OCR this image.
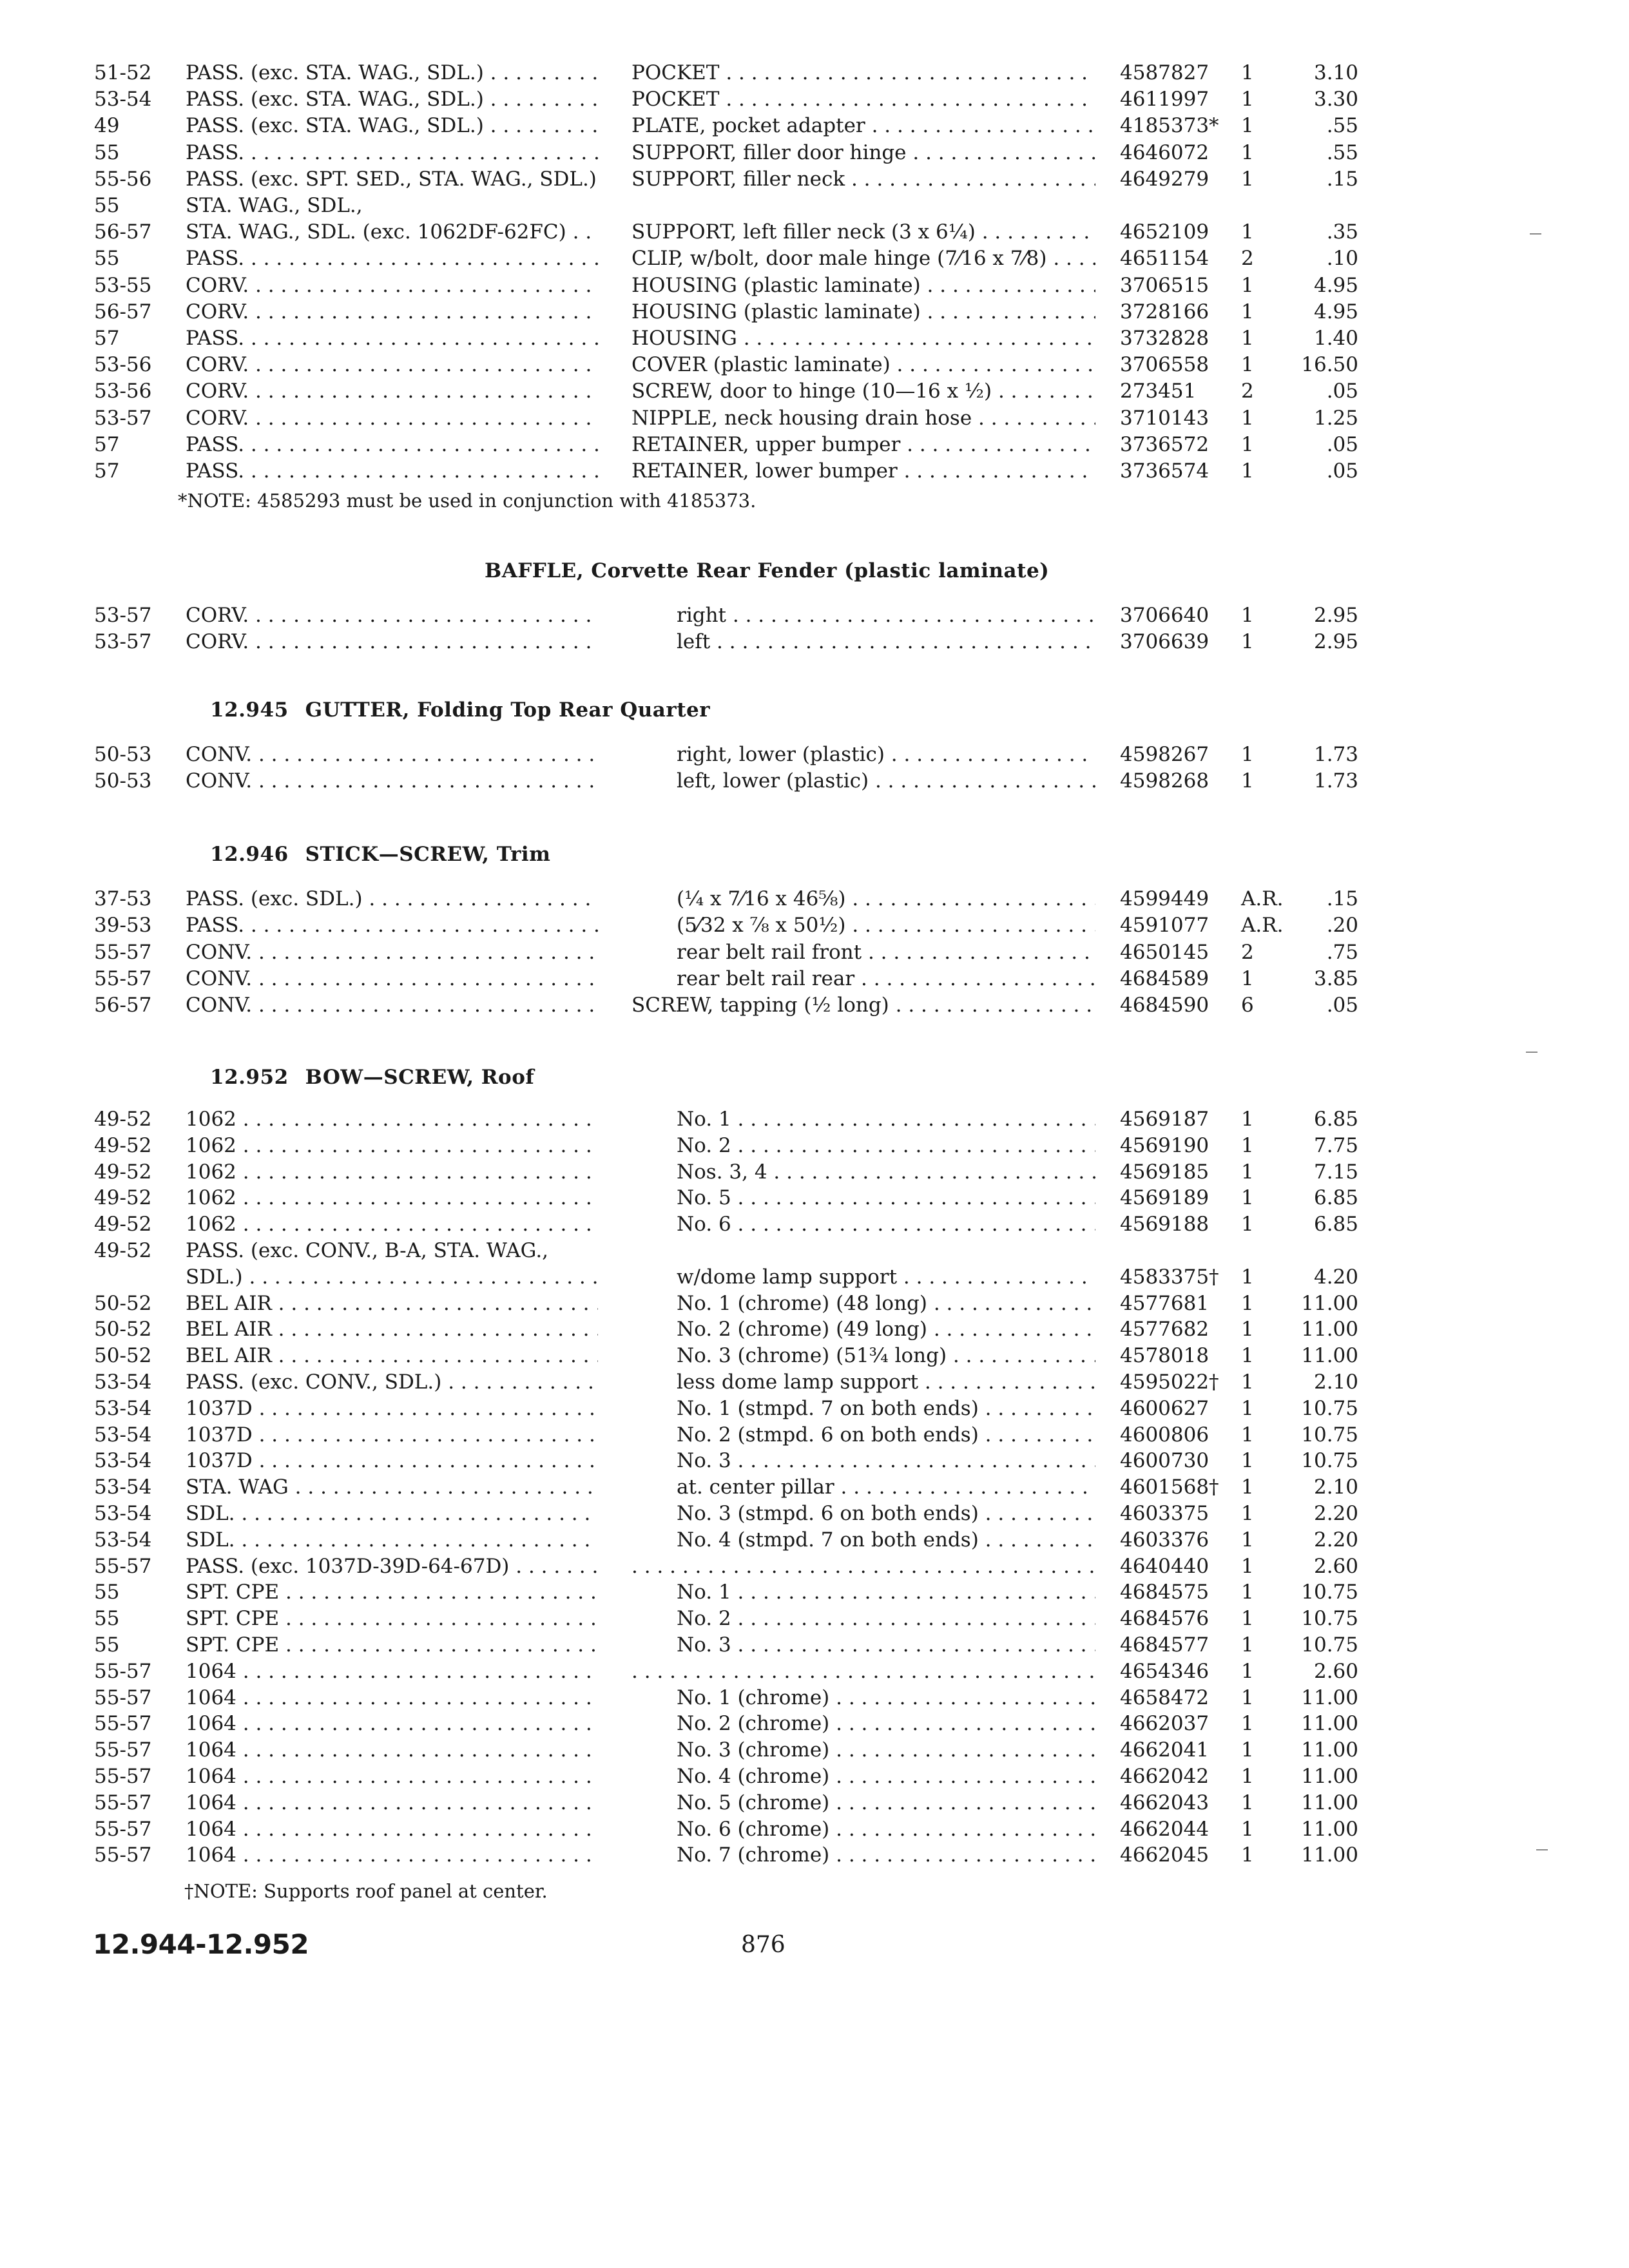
51-52 PASS. (exc. STA. WAG., SDL.) . . .	POCKET . . .	4587827 1	3.10
53-54 PASS. (exc. STA. WAG., SDL.) . . .	POCKET . . .	4611997 1	3.30
49	PASS. (exc. STA. WAG., SDL.) . . .	PLATE, pocket adapter . . .	4185373* 1	.55
55	PASS. . . .	SUPPORT, filler door hinge . . .	4646072 1	.55
55-56 PASS. (exc. SPT. SED., STA. WAG., SDL.) . . . SUPPORT, filler neck . . .	4649279 1	.15
55	STA. WAG., SDL.,
56-57 STA. WAG., SDL. (exc. 1062DF-62FC) . . .	SUPPORT, left filler neck (3 x 6¼) . . .	4652109 1	.35
55	PASS. . . .	CLIP, w/bolt, door male hinge (7⁄16 x 7⁄8) . . .	4651154 2	.10
53-55 CORV. . . .	HOUSING (plastic laminate) . . .	3706515 1	4.95
56-57 CORV. . . .	HOUSING (plastic laminate) . . .	3728166 1	4.95
57	PASS. . . .	HOUSING . . .	3732828 1	1.40
53-56 CORV. . . .	COVER (plastic laminate) . . .	3706558 1	16.50
53-56 CORV. . . .	SCREW, door to hinge (10—16 x ½) . . .	273451 2	.05
53-57 CORV. . . .	NIPPLE, neck housing drain hose . . .	3710143 1	1.25
57	PASS. . . .	RETAINER, upper bumper . . .	3736572 1	.05
57	PASS. . . .	RETAINER, lower bumper . . .	3736574 1	.05
*NOTE: 4585293 must be used in conjunction with 4185373.
BAFFLE, Corvette Rear Fender (plastic laminate)
53-57 CORV. . . .	right . . .	3706640 1	2.95
53-57 CORV. . . .	left . . .	3706639 1	2.95
12.945 GUTTER, Folding Top Rear Quarter
50-53 CONV. . . .	right, lower (plastic) . . .	4598267 1	1.73
50-53 CONV. . . .	left, lower (plastic) . . .	4598268 1	1.73
12.946 STICK—SCREW, Trim
37-53 PASS. (exc. SDL.) . . .	(¼ x 7⁄16 x 46⅝) . . .	4599449 A.R.	.15
39-53 PASS. . . .	(5⁄32 x ⅞ x 50½) . . .	4591077 A.R.	.20
55-57 CONV. . . .	rear belt rail front . . .	4650145 2	.75
55-57 CONV. . . .	rear belt rail rear . . .	4684589 1	3.85
56-57 CONV. . . .	SCREW, tapping (½ long) . . .	4684590 6	.05
12.952 BOW—SCREW, Roof
49-52 1062 . . .	No. 1 . . .	4569187 1	6.85
49-52 1062 . . .	No. 2 . . .	4569190 1	7.75
49-52 1062 . . .	Nos. 3, 4 . . .	4569185 1	7.15
49-52 1062 . . .	No. 5 . . .	4569189 1	6.85
49-52 1062 . . .	No. 6 . . .	4569188 1	6.85
49-52 PASS. (exc. CONV., B-A, STA. WAG.,
SDL.) . . .	w/dome lamp support . . .	4583375† 1	4.20
50-52 BEL AIR . . .	No. 1 (chrome) (48 long) . . .	4577681 1	11.00
50-52 BEL AIR . . .	No. 2 (chrome) (49 long) . . .	4577682 1	11.00
50-52 BEL AIR . . .	No. 3 (chrome) (51¾ long) . . .	4578018 1	11.00
53-54 PASS. (exc. CONV., SDL.) . . .	less dome lamp support . . .	4595022† 1	2.10
53-54 1037D . . .	No. 1 (stmpd. 7 on both ends) . . .	4600627 1	10.75
53-54 1037D . . .	No. 2 (stmpd. 6 on both ends) . . .	4600806 1	10.75
53-54 1037D . . .	No. 3 . . .	4600730 1	10.75
53-54 STA. WAG . . .	at. center pillar . . .	4601568† 1	2.10
53-54 SDL. . . .	No. 3 (stmpd. 6 on both ends) . . .	4603375 1	2.20
53-54 SDL. . . .	No. 4 (stmpd. 7 on both ends) . . .	4603376 1	2.20
55-57 PASS. (exc. 1037D-39D-64-67D) . . . . . .	4640440 1	2.60
55	SPT. CPE . . .	No. 1 . . .	4684575 1	10.75
55	SPT. CPE . . .	No. 2 . . .	4684576 1	10.75
55	SPT. CPE . . .	No. 3 . . .	4684577 1	10.75
55-57 1064 . . . . . .	4654346 1	2.60
55-57 1064 . . .	No. 1 (chrome) . . .	4658472 1	11.00
55-57 1064 . . .	No. 2 (chrome) . . .	4662037 1	11.00
55-57 1064 . . .	No. 3 (chrome) . . .	4662041 1	11.00
55-57 1064 . . .	No. 4 (chrome) . . .	4662042 1	11.00
55-57 1064 . . .	No. 5 (chrome) . . .	4662043 1	11.00
55-57 1064 . . .	No. 6 (chrome) . . .	4662044 1	11.00
55-57 1064 . . .	No. 7 (chrome) . . .	4662045 1	11.00
†NOTE: Supports roof panel at center.
12.944-12.952	876
